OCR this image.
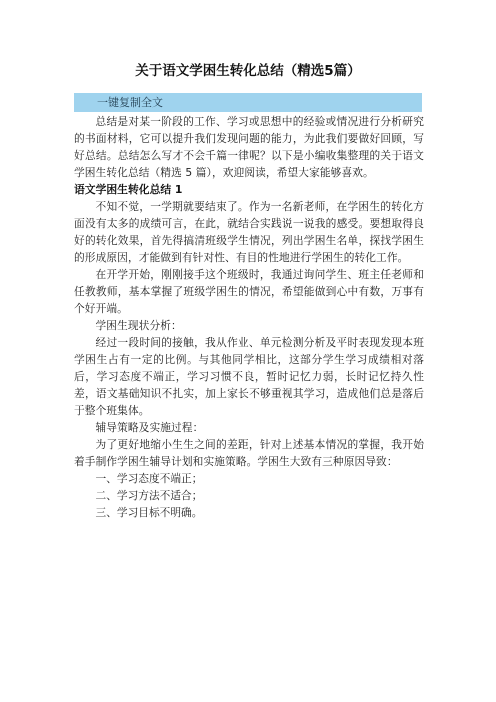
关于语文学困生转化总结（精选5篇）
一键复制全文

总结是对某一阶段的工作、学习或思想中的经验或情况进行分析研究的书面材料，它可以提升我们发现问题的能力，为此我们要做好回顾，写好总结。总结怎么写才不会千篇一律呢？以下是小编收集整理的关于语文学困生转化总结（精选 5 篇），欢迎阅读，希望大家能够喜欢。

语文学困生转化总结 1

不知不觉，一学期就要结束了。作为一名新老师，在学困生的转化方面没有太多的成绩可言，在此，就结合实践说一说我的感受。要想取得良好的转化效果，首先得搞清班级学生情况，列出学困生名单，探找学困生的形成原因，才能做到有针对性、有目的性地进行学困生的转化工作。

在开学开始，刚刚接手这个班级时，我通过询问学生、班主任老师和任教教师，基本掌握了班级学困生的情况，希望能做到心中有数，万事有个好开端。

学困生现状分析：

经过一段时间的接触，我从作业、单元检测分析及平时表现发现本班学困生占有一定的比例。与其他同学相比，这部分学生学习成绩相对落后，学习态度不端正，学习习惯不良，暂时记忆力弱，长时记忆持久性差，语文基础知识不扎实，加上家长不够重视其学习，造成他们总是落后于整个班集体。

辅导策略及实施过程：

为了更好地缩小生生之间的差距，针对上述基本情况的掌握，我开始着手制作学困生辅导计划和实施策略。学困生大致有三种原因导致：

一、学习态度不端正；

二、学习方法不适合；

三、学习目标不明确。
